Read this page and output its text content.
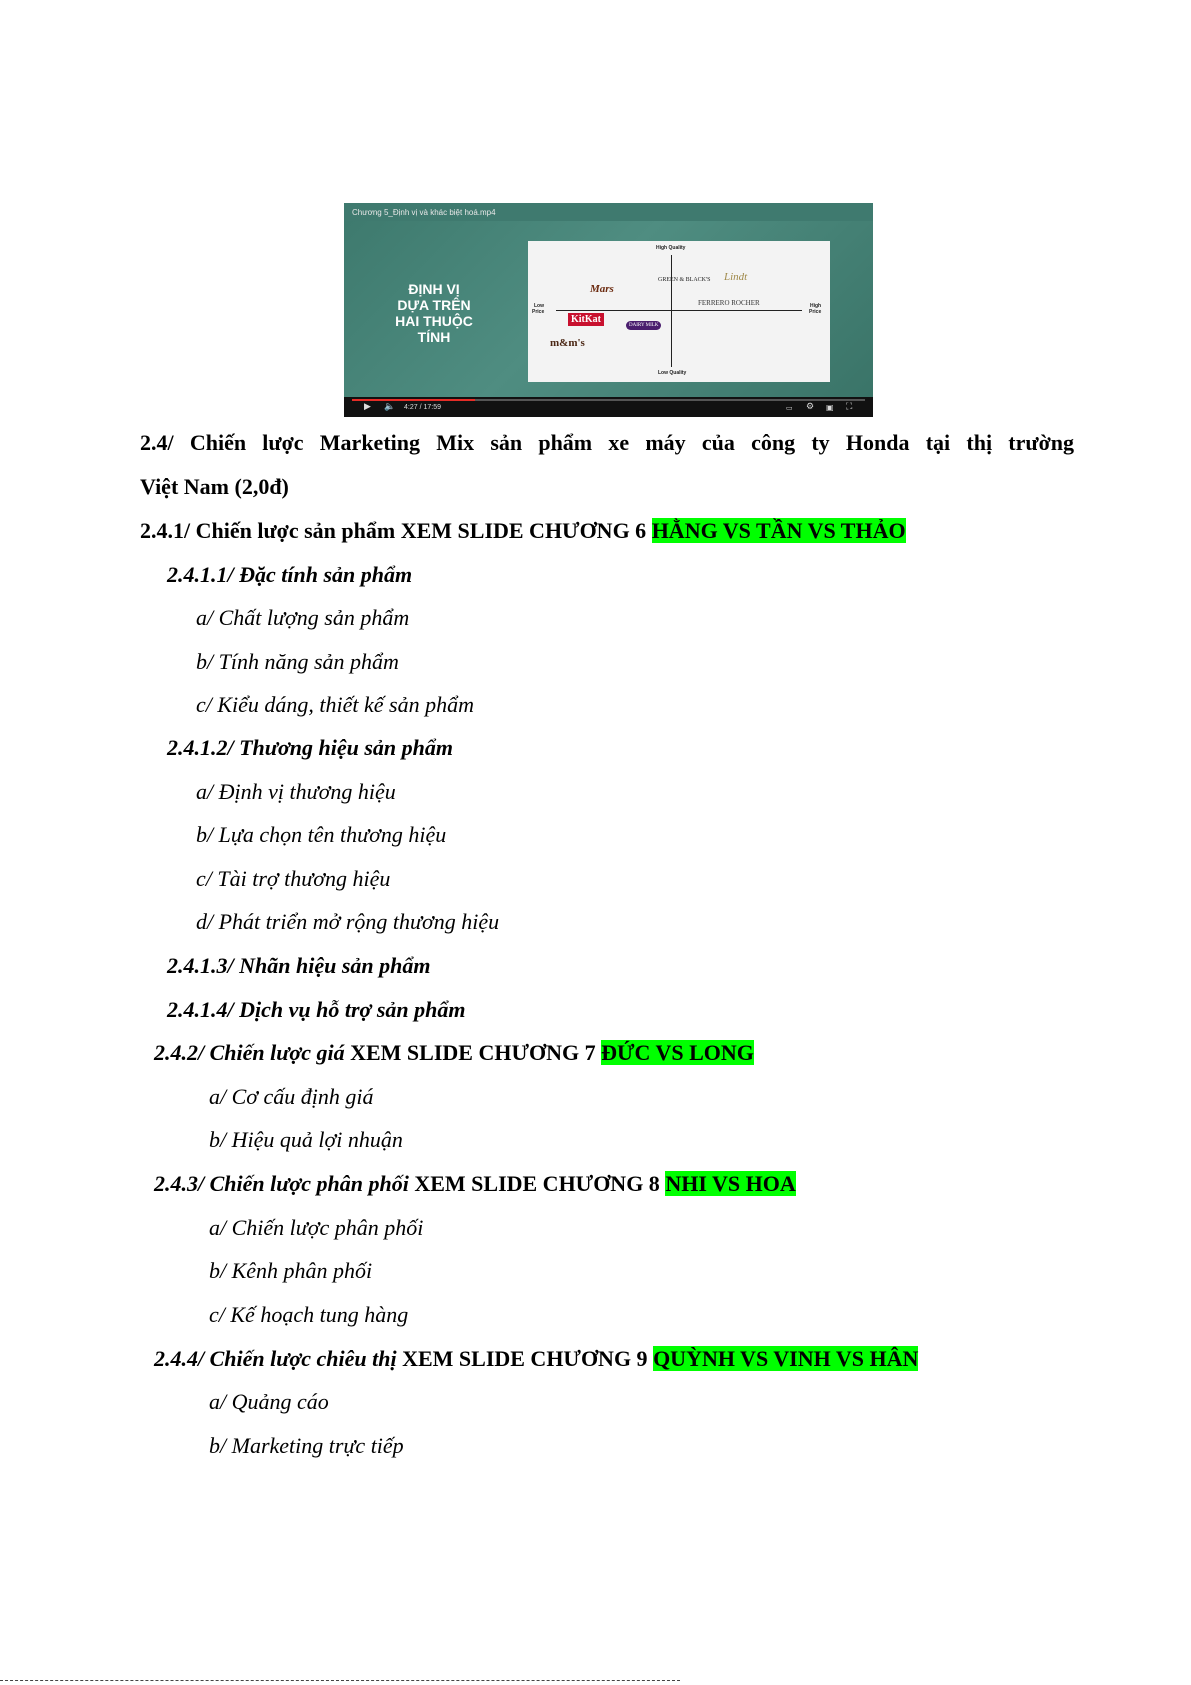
Chương 5_Định vị và khác biệt hoá.mp4
ĐỊNH VỊ
DỰA TRÊN
HAI THUỘC
TÍNH
High Quality
Low Quality
Low
Price
High
Price
Mars
GREEN & BLACK'S Lindt
FERRERO ROCHER
KitKat
DAIRY MILK
m&m's
▶ 🔈 4:27 / 17:59	▭ ⚙ ▣ ⛶
2.4/ Chiến lược Marketing Mix sản phẩm xe máy của công ty Honda tại thị trường
Việt Nam (2,0đ)
2.4.1/ Chiến lược sản phẩm XEM SLIDE CHƯƠNG 6 HẰNG VS TẦN VS THẢO
2.4.1.1/ Đặc tính sản phẩm
a/ Chất lượng sản phẩm
b/ Tính năng sản phẩm
c/ Kiểu dáng, thiết kế sản phẩm
2.4.1.2/ Thương hiệu sản phẩm
a/ Định vị thương hiệu
b/ Lựa chọn tên thương hiệu
c/ Tài trợ thương hiệu
d/ Phát triển mở rộng thương hiệu
2.4.1.3/ Nhãn hiệu sản phẩm
2.4.1.4/ Dịch vụ hỗ trợ sản phẩm
2.4.2/ Chiến lược giá XEM SLIDE CHƯƠNG 7 ĐỨC VS LONG
a/ Cơ cấu định giá
b/ Hiệu quả lợi nhuận
2.4.3/ Chiến lược phân phối XEM SLIDE CHƯƠNG 8 NHI VS HOA
a/ Chiến lược phân phối
b/ Kênh phân phối
c/ Kế hoạch tung hàng
2.4.4/ Chiến lược chiêu thị XEM SLIDE CHƯƠNG 9 QUỲNH VS VINH VS HÂN
a/ Quảng cáo
b/ Marketing trực tiếp
